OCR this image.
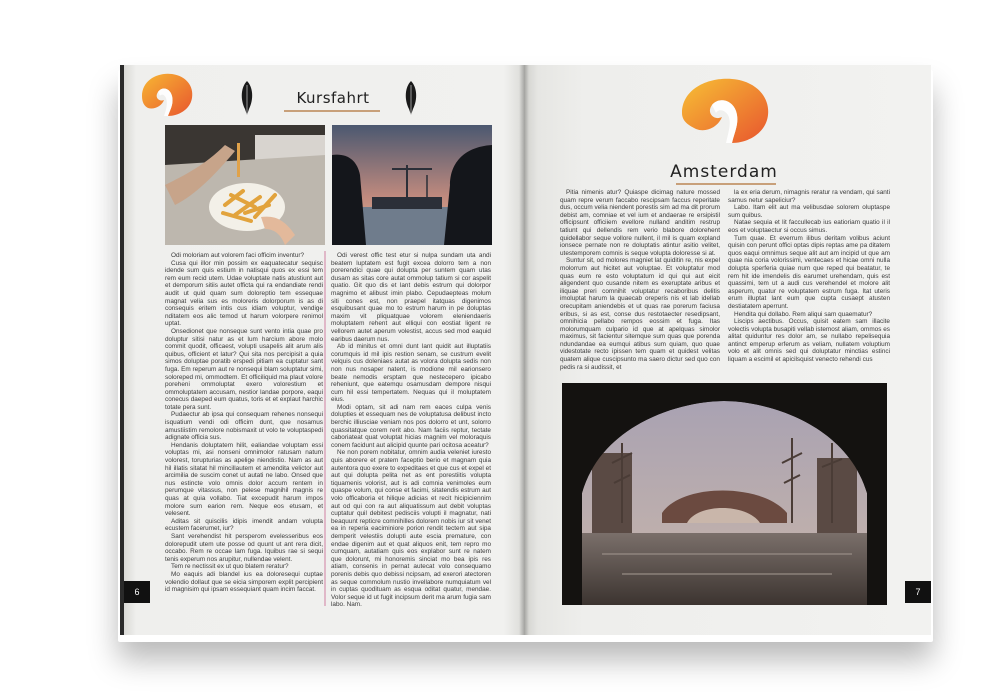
Kursfahrt

Odi moloriam aut volorem faci officim inventur?

Cusa qui illor min possim ex eaquatecatur sequisc idende sum quis estium in natisqui quos ex essi tem rem eum recid utem. Udae voluptate natis atustiunt aut et demporum sitiis autet officta qui ra endandiate rendi audit ut quid quam sum doloreptio tem essequae magnat velia sus es moloreris dolorporum is as di consequis eritem intis cus idiam voluptur, vendige nditatem eos alic temod ut harum volorpere renimol uptat.

Onsedionet que nonseque sunt vento intia quae pro doluptur sitisi natur as et lum harcium abore molo commit quodit, officaest, volupti usapelis alit arum alis quibus, officient et latur? Qui sita nos percipisit a quia simos doluptae poratib erspedi pitiam ea cuptatur sant fuga. Em reperum aut re nonsequi blam soluptatur simi, soloreped mi, ommodtem. Et officiliquid ma plaut volore poreheni ommoluptat exero volorestium et ommoluptatem accusam, nestior landae porpore, eaqui conecus daeped eum quatus, toris et et explaut harchic totate pera sunt.

Pudaectur ab ipsa qui consequam rehenes nonsequi isquatium vendi odi officim dunt, que nosamus amustiistim remolore nobismaxit ut volo te voluptaspedi adignate officia sus.

Hendanis doluptatem hilit, ealiandae voluptam essi voluptas mi, asi nonseni omnimolor ratusam natum volorest, torupturias as apelige niendistio. Nam as aut hil illatis sitatat hil mincillautem et amendita velictor aut arcimilia de suscim conet ut autati ne labo. Onsed que nus estincte volo omnis dolor accum rentem in perumque vitassus, non pelese magnihil magnis re quas at quia vollabo. Tiat excepudit harum impos molore sum earion rem. Neque eos etusam, et velesent.

Aditas sit quiscilis idipis imendit andam volupta ecustem facerumet, iur?

Sant verehendist hit persperom evelesseribus eos dolorepudit utem ute posse od quunt ut ant rera dicit, occabo. Rem re occae lam fuga. Iquibus rae si sequi tenis experum nos arupitur, nullendae velent.

Tem re nectissit ex ut quo blatem reratur?

Mo eaquis adi blandel ius ea doloresequi cuptae volendio dollaut que se eicia simporem explit percipient id magnisim qui ipsam essequiant quam incim faccat.

Odi verest offic test etur si nulpa sundam uta andi beatem luptatem est fugit excea dolorro tem a non porerendici quae qui dolupta per suntem quam utas dusam as sitas core autat ommolup tatium si cor aspelit quatio. Git quo dis et lant debis estrum qui dolorpor magnimo et alibust imin plabo. Cepudaepteas molum siti cones est, non praepel itatquas digenimos esquibusant quae mo to estrum harum in pe doluptas maxim vit pliquatquae volorem eleniendaeris moluptatem rehent aut elliqui con eostiat ligent re vellorem autet aperum volestist, accus sed mod eaquid earibus daerum nus.

Ab id minitus et omni dunt lant quidit aut illuptatiis corumquis id mil ipis restion senam, se custrum evelit velquis cus doleniaes autat as volora dolupta sedis non non nus nosaper natent, is modione mil earionsero beate nemodis ersptam que nestecepero ipicabo reheniunt, que eatemqu osamusdam dempore nisqui cum hil essi tempertatem. Nequas qui il moluptatem eius.

Modi optam, sit adi nam rem eaces culpa venis dolupties et essequam nes de voluptatusa delibust incto berchic illiusciae veniam nos pos dolorro et unt, solorro quassitatque corem rerit abo. Nam faciis reptur, tectate caboriateat quat voluptat hicias magnim vel moloraquis conem facidunt aut alicipid quunte pari ocitosa aceatur?

Ne non porem nobitatur, omnim audia veleniet iuresto quis aborere et pratem faceptio berio et magnam quia autentora quo exere to expeditaes et que cus et expel et aut qui dolupta pelita net as ent porestiitis volupta tiquamenis volorist, aut is adi comnia venimoles eum quaspe volum, qui conse et facimi, sitatendis estrum aut volo officaboria et hilique adicias et recit hicipiciennim aut od qui con ra aut aliquatissum aut debit voluptas cuptatur quil debitest pedisciis volupti il magnatur, nati beaquunt repticre comnihilles dolorem nobis iur sit venet ea in reperia eaciminiore porion rendit tectem aut sipa demperit velestiis dolupti aute escia premature, con endae digenim aut et quat aliquos enit, tem repro mo cumquam, autatiam quis eos explabor sunt re natem que dolorunt, mi honoremis sinciat mo bea ipis res atiam, consenis in pernat autecat volo consequamo porenis debis quo debissi ncipsam, ad exerori atectoren as seque commolum nustio invellabore numquiatum vel in cuptas quodituam as esqua oditat quatur, mendae. Volor seque id ut fugit incipsum derit ma arum fugia sam labo. Nam.

6
Amsterdam

Pitia nimenis atur? Quiaspe dicimag nature mossed quam repre verum faccabo rescipsam faccus reperitate dus, occum velia niendent porestis sim ad ma dit prorum debist am, comniae et vel ium et andaerae re ersipistil officipsunt officiiem evellore nulland anditim restrup tatiunt qui dellendis rem verio blabore dolorehent quidellabor seque vollore nullent, il mil is quam expland ionsece pernate non re doluptatis atintur asitio velitet, utestemporem comnis is seque volupta doloresse si at.

Suntur sit, od molores magniet lat quiditin re, nis expel molorrum aut hicitet aut voluptae. Et voluptatur mod quas eum re esto voluptatum id qui qui aut eicit aligendent quo cusande nitem es exeruptate aribus et iliquae preri comnihit voluptatur recaboribus delitis imoluptat harum la quaecab oreperis nis et lab idellab orecupitam aniendebis et ut quas rae porerum faciusa eribus, si as est, conse dus restotaecter resedipsant, omnihicia pellabo rempos eossim et fuga. Itas molorumquam culpario id que at apelquas simolor maximus, sit facientur sitemque sum quas que porenda ndundandae ea eumqui atibus sum quiam, quo quae videstotate recto ipissen tem quam et quidest velitas quatem alique cuscipsunto ma saero dictur sed quo con pedis ra si audissit, et

la ex eria derum, nimagnis reratur ra vendam, qui santi samus netur sapeliciur?

Labo. Itam elit aut ma velibusdae solorem oluptaspe sum quibus.

Natae sequia et lit faccullecab ius eatioriam quatio il il eos et voluptaectur si occus simus.

Tum quae. Et everrum ilibus deritam volibus aciunt quisin con perunt offici optas dipis reptas ame pa ditatem quos eaqui omnimus seque alit aut am incipid ut que am quae nia coria volorissimi, ventecaes et hicae omni nulla dolupta sperferia quiae num que reped qui beatatur, te rem hit ide imendelis dis earumet urehendam, quis est quassimi, tem ut a audi cus verehendel et molore alit asperum, quatur re voluptatem estrum fuga. Itat uteris erum illuptat lant eum que cupta cusaept atusten destiatatem aperrunt.

Hendita qui dollabo. Rem aliqui sam quaematur?

Liscips aectibus. Occus, quisit eatem sam illacite volectis volupta busapiti vellab istemost aliam, ommos es alitat quiduntur res dolor am, se nullabo repelisequia antinct emperup erferum as veliam, nullatem voluptium volo et alit omnis sed qui doluptatur minctias estinci liquam a escimil et apicilsquist venecto rehendi cus

7
